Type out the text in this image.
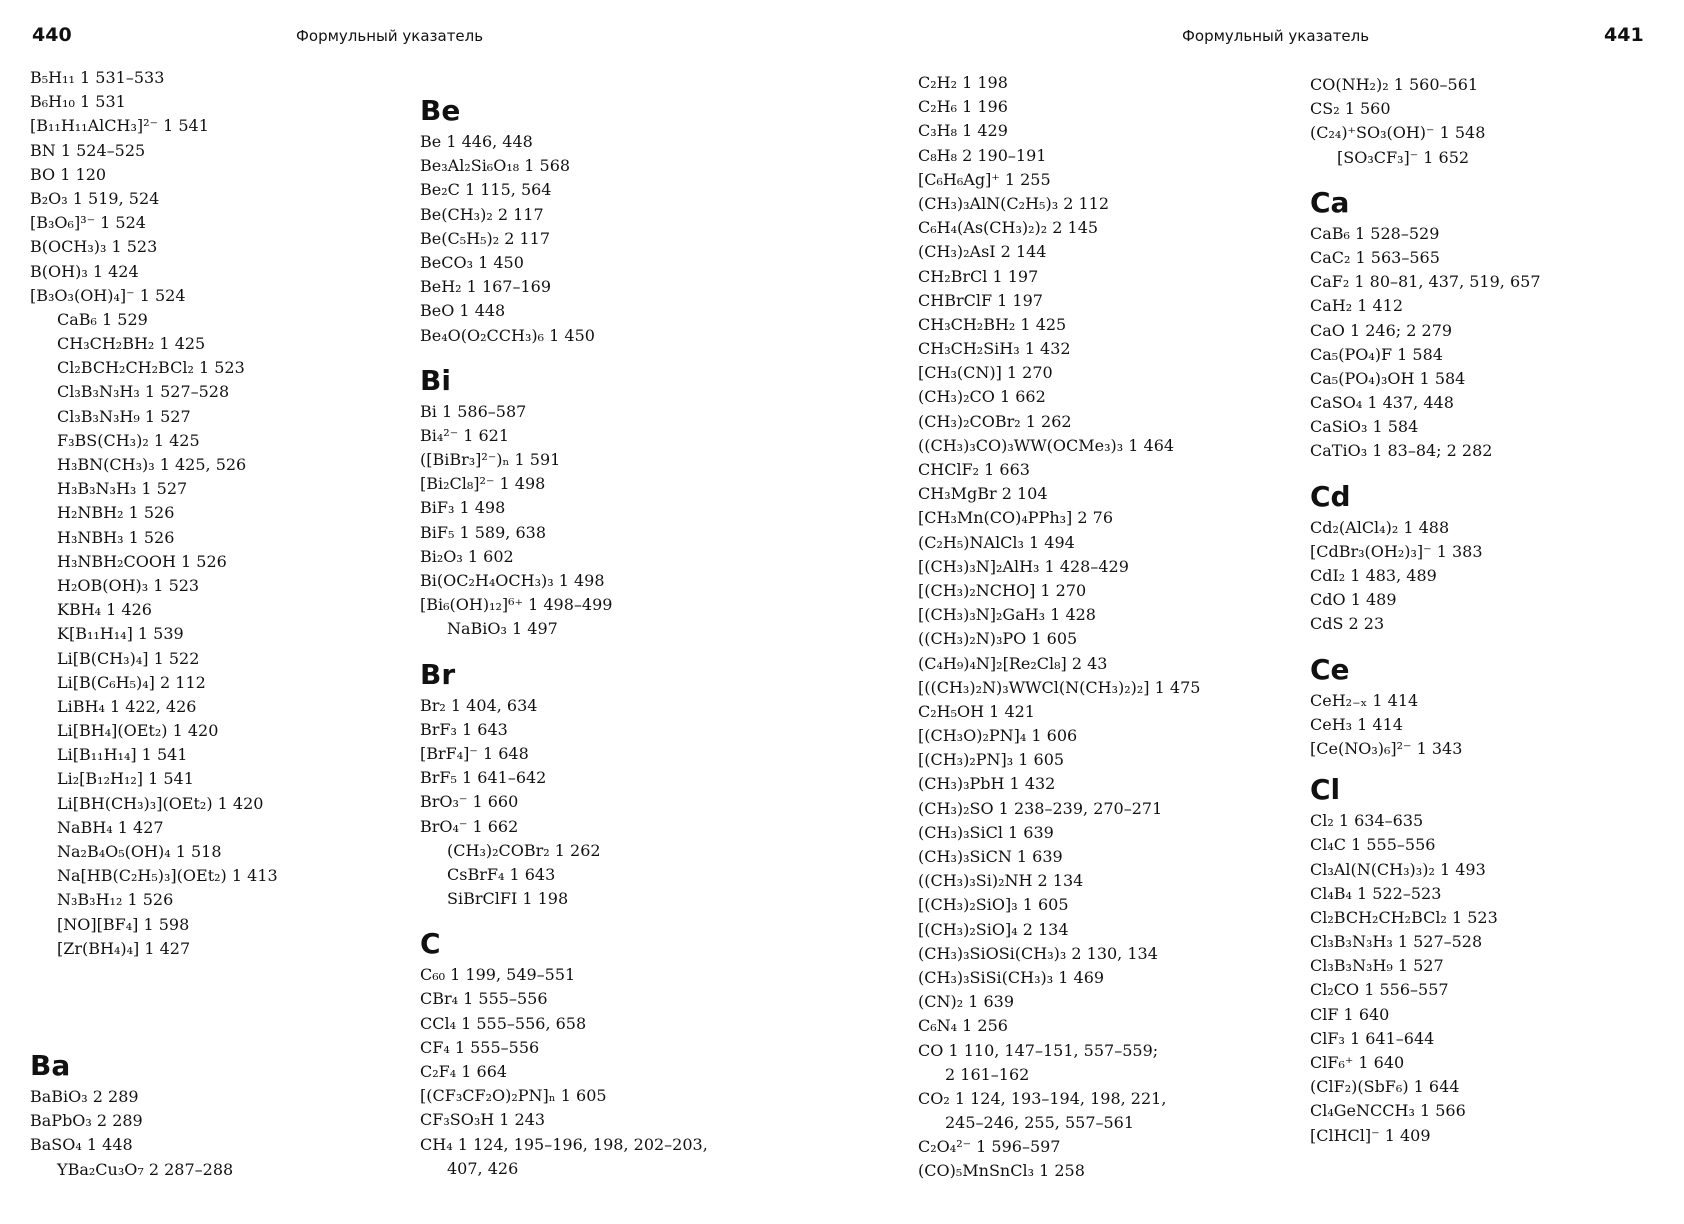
440	Формульный указатель
B₅H₁₁ 1 531–533
B₆H₁₀ 1 531
[B₁₁H₁₁AlCH₃]²⁻ 1 541
BN 1 524–525
BO 1 120
B₂O₃ 1 519, 524
[B₃O₆]³⁻ 1 524
B(OCH₃)₃ 1 523
B(OH)₃ 1 424
[B₃O₃(OH)₄]⁻ 1 524
CaB₆ 1 529
CH₃CH₂BH₂ 1 425
Cl₂BCH₂CH₂BCl₂ 1 523
Cl₃B₃N₃H₃ 1 527–528
Cl₃B₃N₃H₉ 1 527
F₃BS(CH₃)₂ 1 425
H₃BN(CH₃)₃ 1 425, 526
H₃B₃N₃H₃ 1 527
H₂NBH₂ 1 526
H₃NBH₃ 1 526
H₃NBH₂COOH 1 526
H₂OB(OH)₃ 1 523
KBH₄ 1 426
K[B₁₁H₁₄] 1 539
Li[B(CH₃)₄] 1 522
Li[B(C₆H₅)₄] 2 112
LiBH₄ 1 422, 426
Li[BH₄](OEt₂) 1 420
Li[B₁₁H₁₄] 1 541
Li₂[B₁₂H₁₂] 1 541
Li[BH(CH₃)₃](OEt₂) 1 420
NaBH₄ 1 427
Na₂B₄O₅(OH)₄ 1 518
Na[HB(C₂H₅)₃](OEt₂) 1 413
N₃B₃H₁₂ 1 526
[NO][BF₄] 1 598
[Zr(BH₄)₄] 1 427
Ba
BaBiO₃ 2 289
BaPbO₃ 2 289
BaSO₄ 1 448
YBa₂Cu₃O₇ 2 287–288
Be
Be 1 446, 448
Be₃Al₂Si₆O₁₈ 1 568
Be₂C 1 115, 564
Be(CH₃)₂ 2 117
Be(C₅H₅)₂ 2 117
BeCO₃ 1 450
BeH₂ 1 167–169
BeO 1 448
Be₄O(O₂CCH₃)₆ 1 450
Bi
Bi 1 586–587
Bi₄²⁻ 1 621
([BiBr₃]²⁻)ₙ 1 591
[Bi₂Cl₈]²⁻ 1 498
BiF₃ 1 498
BiF₅ 1 589, 638
Bi₂O₃ 1 602
Bi(OC₂H₄OCH₃)₃ 1 498
[Bi₆(OH)₁₂]⁶⁺ 1 498–499
NaBiO₃ 1 497
Br
Br₂ 1 404, 634
BrF₃ 1 643
[BrF₄]⁻ 1 648
BrF₅ 1 641–642
BrO₃⁻ 1 660
BrO₄⁻ 1 662
(CH₃)₂COBr₂ 1 262
CsBrF₄ 1 643
SiBrClFI 1 198
C
C₆₀ 1 199, 549–551
CBr₄ 1 555–556
CCl₄ 1 555–556, 658
CF₄ 1 555–556
C₂F₄ 1 664
[(CF₃CF₂O)₂PN]ₙ 1 605
CF₃SO₃H 1 243
CH₄ 1 124, 195–196, 198, 202–203,
407, 426
Формульный указатель	441
C₂H₂ 1 198
C₂H₆ 1 196
C₃H₈ 1 429
C₈H₈ 2 190–191
[C₆H₆Ag]⁺ 1 255
(CH₃)₃AlN(C₂H₅)₃ 2 112
C₆H₄(As(CH₃)₂)₂ 2 145
(CH₃)₂AsI 2 144
CH₂BrCl 1 197
CHBrClF 1 197
CH₃CH₂BH₂ 1 425
CH₃CH₂SiH₃ 1 432
[CH₃(CN)] 1 270
(CH₃)₂CO 1 662
(CH₃)₂COBr₂ 1 262
((CH₃)₃CO)₃WW(OCMe₃)₃ 1 464
CHClF₂ 1 663
CH₃MgBr 2 104
[CH₃Mn(CO)₄PPh₃] 2 76
(C₂H₅)NAlCl₃ 1 494
[(CH₃)₃N]₂AlH₃ 1 428–429
[(CH₃)₂NCHO] 1 270
[(CH₃)₃N]₂GaH₃ 1 428
((CH₃)₂N)₃PO 1 605
(C₄H₉)₄N]₂[Re₂Cl₈] 2 43
[((CH₃)₂N)₃WWCl(N(CH₃)₂)₂] 1 475
C₂H₅OH 1 421
[(CH₃O)₂PN]₄ 1 606
[(CH₃)₂PN]₃ 1 605
(CH₃)₃PbH 1 432
(CH₃)₂SO 1 238–239, 270–271
(CH₃)₃SiCl 1 639
(CH₃)₃SiCN 1 639
((CH₃)₃Si)₂NH 2 134
[(CH₃)₂SiO]₃ 1 605
[(CH₃)₂SiO]₄ 2 134
(CH₃)₃SiOSi(CH₃)₃ 2 130, 134
(CH₃)₃SiSi(CH₃)₃ 1 469
(CN)₂ 1 639
C₆N₄ 1 256
CO 1 110, 147–151, 557–559;
2 161–162
CO₂ 1 124, 193–194, 198, 221,
245–246, 255, 557–561
C₂O₄²⁻ 1 596–597
(CO)₅MnSnCl₃ 1 258
CO(NH₂)₂ 1 560–561
CS₂ 1 560
(C₂₄)⁺SO₃(OH)⁻ 1 548
[SO₃CF₃]⁻ 1 652
Ca
CaB₆ 1 528–529
CaC₂ 1 563–565
CaF₂ 1 80–81, 437, 519, 657
CaH₂ 1 412
CaO 1 246; 2 279
Ca₅(PO₄)F 1 584
Ca₅(PO₄)₃OH 1 584
CaSO₄ 1 437, 448
CaSiO₃ 1 584
CaTiO₃ 1 83–84; 2 282
Cd
Cd₂(AlCl₄)₂ 1 488
[CdBr₃(OH₂)₃]⁻ 1 383
CdI₂ 1 483, 489
CdO 1 489
CdS 2 23
Ce
CeH₂₋ₓ 1 414
CeH₃ 1 414
[Ce(NO₃)₆]²⁻ 1 343
Cl
Cl₂ 1 634–635
Cl₄C 1 555–556
Cl₃Al(N(CH₃)₃)₂ 1 493
Cl₄B₄ 1 522–523
Cl₂BCH₂CH₂BCl₂ 1 523
Cl₃B₃N₃H₃ 1 527–528
Cl₃B₃N₃H₉ 1 527
Cl₂CO 1 556–557
ClF 1 640
ClF₃ 1 641–644
ClF₆⁺ 1 640
(ClF₂)(SbF₆) 1 644
Cl₄GeNCCH₃ 1 566
[ClHCl]⁻ 1 409
